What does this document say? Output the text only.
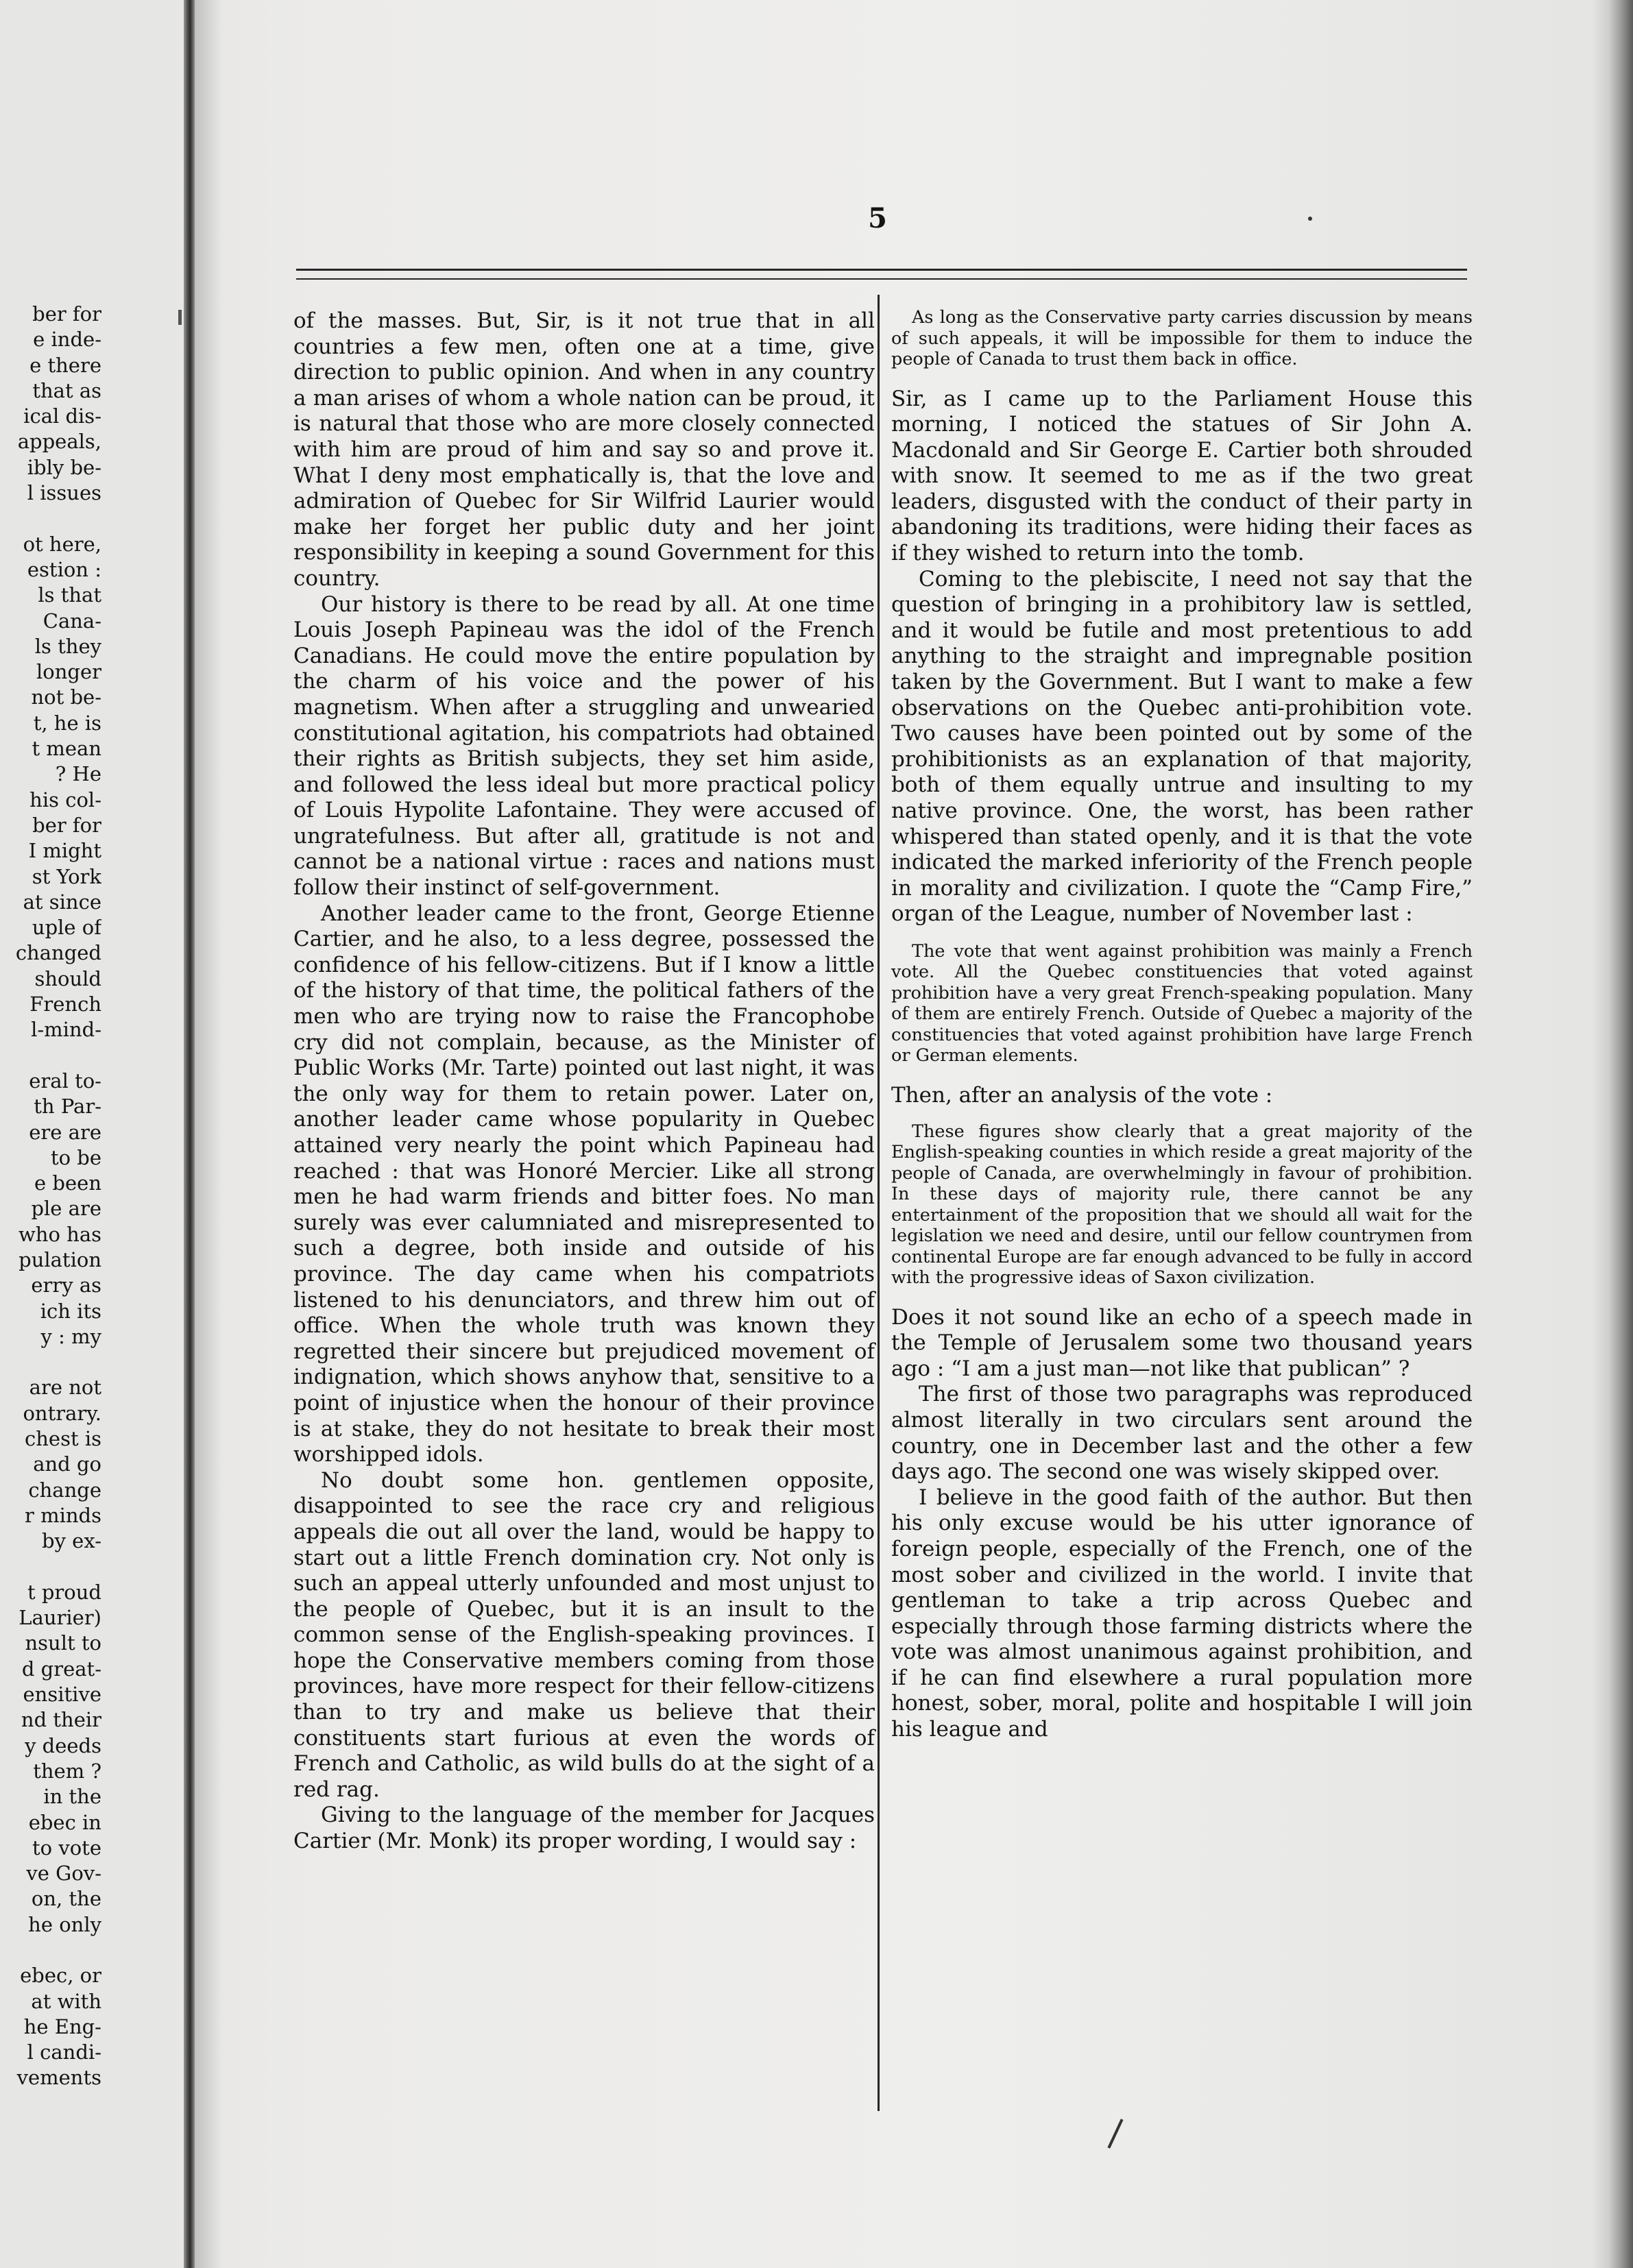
ber for
e inde-
e there
that as
ical dis-
appeals,
ibly be-
l issues
ot here,
estion :
ls that
Cana-
ls they
longer
not be-
t, he is
t mean
? He
his col-
ber for
I might
st York
at since
uple of
changed
should
French
l-mind-
eral to-
th Par-
ere are
to be
e been
ple are
who has
pulation
erry as
ich its
y : my
are not
ontrary.
chest is
and go
change
r minds
by ex-
t proud
Laurier)
nsult to
d great-
ensitive
nd their
y deeds
them ?
in the
ebec in
to vote
ve Gov-
on, the
he only
ebec, or
at with
he Eng-
l candi-
vements
5

of the masses. But, Sir, is it not true that in all countries a few men, often one at a time, give direction to public opinion. And when in any country a man arises of whom a whole nation can be proud, it is natural that those who are more closely connected with him are proud of him and say so and prove it. What I deny most emphatically is, that the love and admiration of Quebec for Sir Wilfrid Laurier would make her forget her public duty and her joint responsibility in keeping a sound Government for this country.

Our history is there to be read by all. At one time Louis Joseph Papineau was the idol of the French Canadians. He could move the entire population by the charm of his voice and the power of his magnetism. When after a struggling and unwearied constitutional agitation, his compatriots had obtained their rights as British subjects, they set him aside, and followed the less ideal but more practical policy of Louis Hypolite Lafontaine. They were accused of ungratefulness. But after all, gratitude is not and cannot be a national virtue : races and nations must follow their instinct of self-government.

Another leader came to the front, George Etienne Cartier, and he also, to a less degree, possessed the confidence of his fellow-citizens. But if I know a little of the history of that time, the political fathers of the men who are trying now to raise the Francophobe cry did not complain, because, as the Minister of Public Works (Mr. Tarte) pointed out last night, it was the only way for them to retain power. Later on, another leader came whose popularity in Quebec attained very nearly the point which Papineau had reached : that was Honoré Mercier. Like all strong men he had warm friends and bitter foes. No man surely was ever calumniated and misrepresented to such a degree, both inside and outside of his province. The day came when his compatriots listened to his denunciators, and threw him out of office. When the whole truth was known they regretted their sincere but prejudiced movement of indignation, which shows anyhow that, sensitive to a point of injustice when the honour of their province is at stake, they do not hesitate to break their most worshipped idols.

No doubt some hon. gentlemen opposite, disappointed to see the race cry and religious appeals die out all over the land, would be happy to start out a little French domination cry. Not only is such an appeal utterly unfounded and most unjust to the people of Quebec, but it is an insult to the common sense of the English-speaking provinces. I hope the Conservative members coming from those provinces, have more respect for their fellow-citizens than to try and make us believe that their constituents start furious at even the words of French and Catholic, as wild bulls do at the sight of a red rag.

Giving to the language of the member for Jacques Cartier (Mr. Monk) its proper wording, I would say :

As long as the Conservative party carries discussion by means of such appeals, it will be impossible for them to induce the people of Canada to trust them back in office.

Sir, as I came up to the Parliament House this morning, I noticed the statues of Sir John A. Macdonald and Sir George E. Cartier both shrouded with snow. It seemed to me as if the two great leaders, disgusted with the conduct of their party in abandoning its traditions, were hiding their faces as if they wished to return into the tomb.

Coming to the plebiscite, I need not say that the question of bringing in a prohibitory law is settled, and it would be futile and most pretentious to add anything to the straight and impregnable position taken by the Government. But I want to make a few observations on the Quebec anti-prohibition vote. Two causes have been pointed out by some of the prohibitionists as an explanation of that majority, both of them equally untrue and insulting to my native province. One, the worst, has been rather whispered than stated openly, and it is that the vote indicated the marked inferiority of the French people in morality and civilization. I quote the “Camp Fire,” organ of the League, number of November last :

The vote that went against prohibition was mainly a French vote. All the Quebec constituencies that voted against prohibition have a very great French-speaking population. Many of them are entirely French. Outside of Quebec a majority of the constituencies that voted against prohibition have large French or German elements.

Then, after an analysis of the vote :

These figures show clearly that a great majority of the English-speaking counties in which reside a great majority of the people of Canada, are overwhelmingly in favour of prohibition. In these days of majority rule, there cannot be any entertainment of the proposition that we should all wait for the legislation we need and desire, until our fellow countrymen from continental Europe are far enough advanced to be fully in accord with the progressive ideas of Saxon civilization.

Does it not sound like an echo of a speech made in the Temple of Jerusalem some two thousand years ago : “I am a just man—not like that publican” ?

The first of those two paragraphs was reproduced almost literally in two circulars sent around the country, one in December last and the other a few days ago. The second one was wisely skipped over.

I believe in the good faith of the author. But then his only excuse would be his utter ignorance of foreign people, especially of the French, one of the most sober and civilized in the world. I invite that gentleman to take a trip across Quebec and especially through those farming districts where the vote was almost unanimous against prohibition, and if he can find elsewhere a rural population more honest, sober, moral, polite and hospitable I will join his league and
